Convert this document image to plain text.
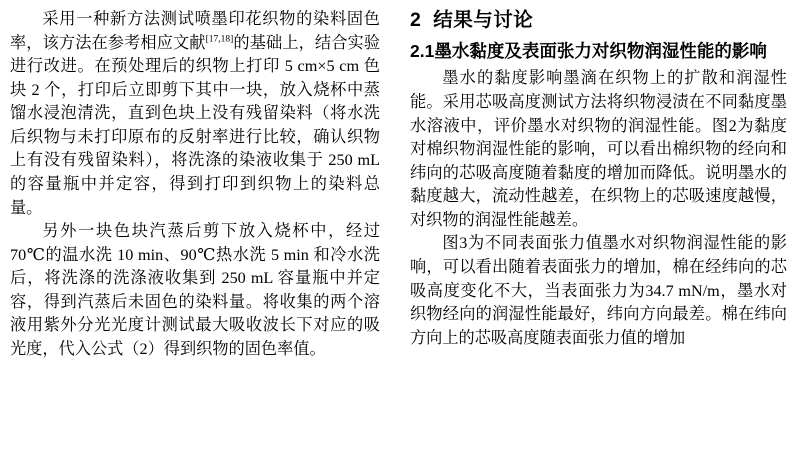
采用一种新方法测试喷墨印花织物的染料固色率，该方法在参考相应文献[17,18]的基础上，结合实验进行改进。在预处理后的织物上打印 5 cm×5 cm 色块 2 个，打印后立即剪下其中一块，放入烧杯中蒸馏水浸泡清洗，直到色块上没有残留染料（将水洗后织物与未打印原布的反射率进行比较，确认织物上有没有残留染料），将洗涤的染液收集于 250 mL 的容量瓶中并定容，得到打印到织物上的染料总量。

另外一块色块汽蒸后剪下放入烧杯中，经过70℃的温水洗 10 min、90℃热水洗 5 min 和冷水洗后，将洗涤的洗涤液收集到 250 mL 容量瓶中并定容，得到汽蒸后未固色的染料量。将收集的两个溶液用紫外分光光度计测试最大吸收波长下对应的吸光度，代入公式（2）得到织物的固色率值。

2 结果与讨论
2.1墨水黏度及表面张力对织物润湿性能的影响

墨水的黏度影响墨滴在织物上的扩散和润湿性能。采用芯吸高度测试方法将织物浸渍在不同黏度墨水溶液中，评价墨水对织物的润湿性能。图2为黏度对棉织物润湿性能的影响，可以看出棉织物的经向和纬向的芯吸高度随着黏度的增加而降低。说明墨水的黏度越大，流动性越差，在织物上的芯吸速度越慢，对织物的润湿性能越差。

图3为不同表面张力值墨水对织物润湿性能的影响，可以看出随着表面张力的增加，棉在经纬向的芯吸高度变化不大，当表面张力为34.7 mN/m，墨水对织物经向的润湿性能最好，纬向方向最差。棉在纬向方向上的芯吸高度随表面张力值的增加
